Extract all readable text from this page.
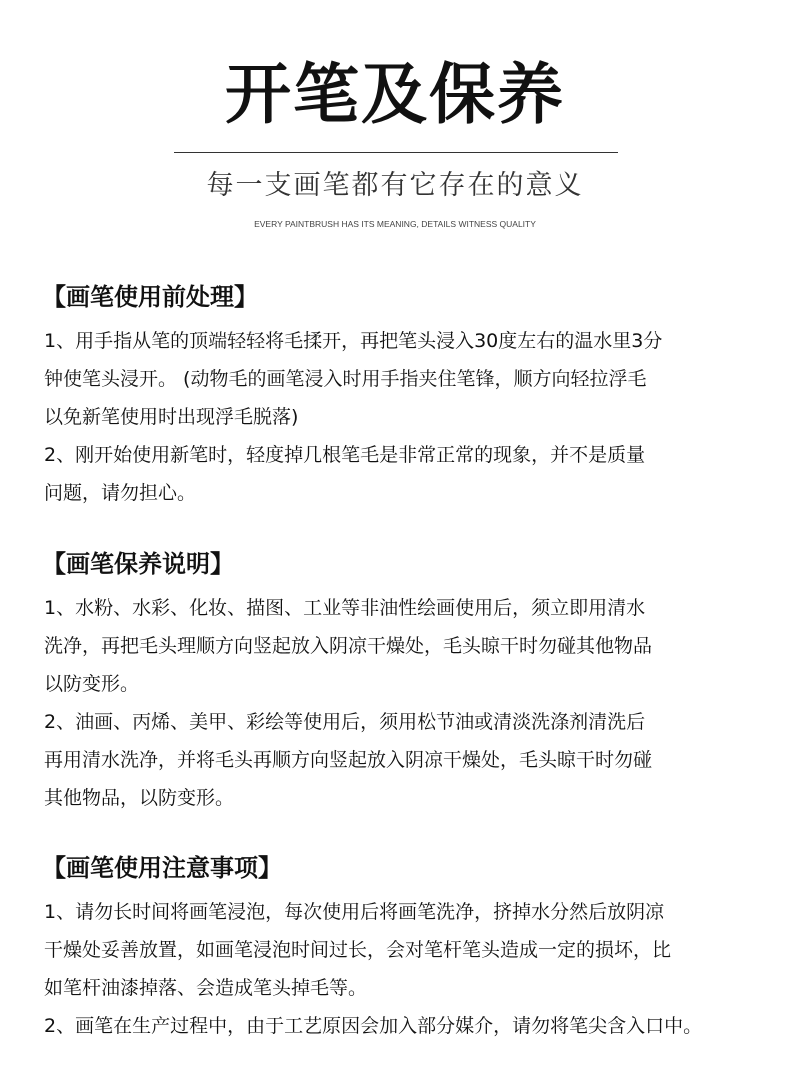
开笔及保养
每一支画笔都有它存在的意义
EVERY PAINTBRUSH HAS ITS MEANING, DETAILS WITNESS QUALITY
【画笔使用前处理】
1、用手指从笔的顶端轻轻将毛揉开，再把笔头浸入30度左右的温水里3分
钟使笔头浸开。 (动物毛的画笔浸入时用手指夹住笔锋，顺方向轻拉浮毛
以免新笔使用时出现浮毛脱落)
2、刚开始使用新笔时，轻度掉几根笔毛是非常正常的现象，并不是质量
问题，请勿担心。
【画笔保养说明】
1、水粉、水彩、化妆、描图、工业等非油性绘画使用后，须立即用清水
洗净，再把毛头理顺方向竖起放入阴凉干燥处，毛头晾干时勿碰其他物品
以防变形。
2、油画、丙烯、美甲、彩绘等使用后，须用松节油或清淡洗涤剂清洗后
再用清水洗净，并将毛头再顺方向竖起放入阴凉干燥处，毛头晾干时勿碰
其他物品，以防变形。
【画笔使用注意事项】
1、请勿长时间将画笔浸泡，每次使用后将画笔洗净，挤掉水分然后放阴凉
干燥处妥善放置，如画笔浸泡时间过长，会对笔杆笔头造成一定的损坏，比
如笔杆油漆掉落、会造成笔头掉毛等。
2、画笔在生产过程中，由于工艺原因会加入部分媒介，请勿将笔尖含入口中。
